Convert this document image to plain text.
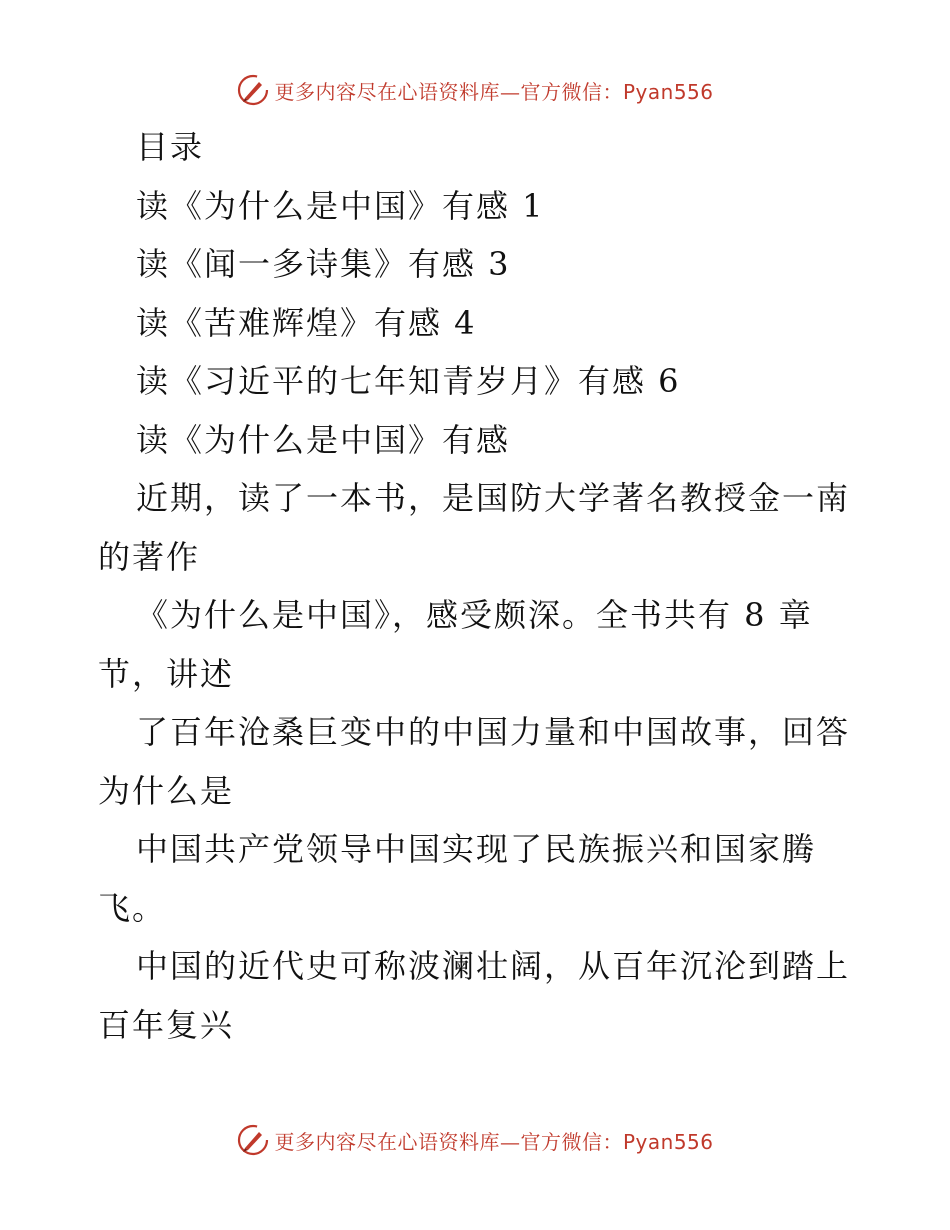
更多内容尽在心语资料库—官方微信：Pyan556
目录
读《为什么是中国》有感 1
读《闻一多诗集》有感 3
读《苦难辉煌》有感 4
读《习近平的七年知青岁月》有感 6
读《为什么是中国》有感
近期，读了一本书，是国防大学著名教授金一南
的著作
《为什么是中国》，感受颇深。全书共有 8 章
节，讲述
了百年沧桑巨变中的中国力量和中国故事，回答
为什么是
中国共产党领导中国实现了民族振兴和国家腾
飞。
中国的近代史可称波澜壮阔，从百年沉沦到踏上
百年复兴
更多内容尽在心语资料库—官方微信：Pyan556
